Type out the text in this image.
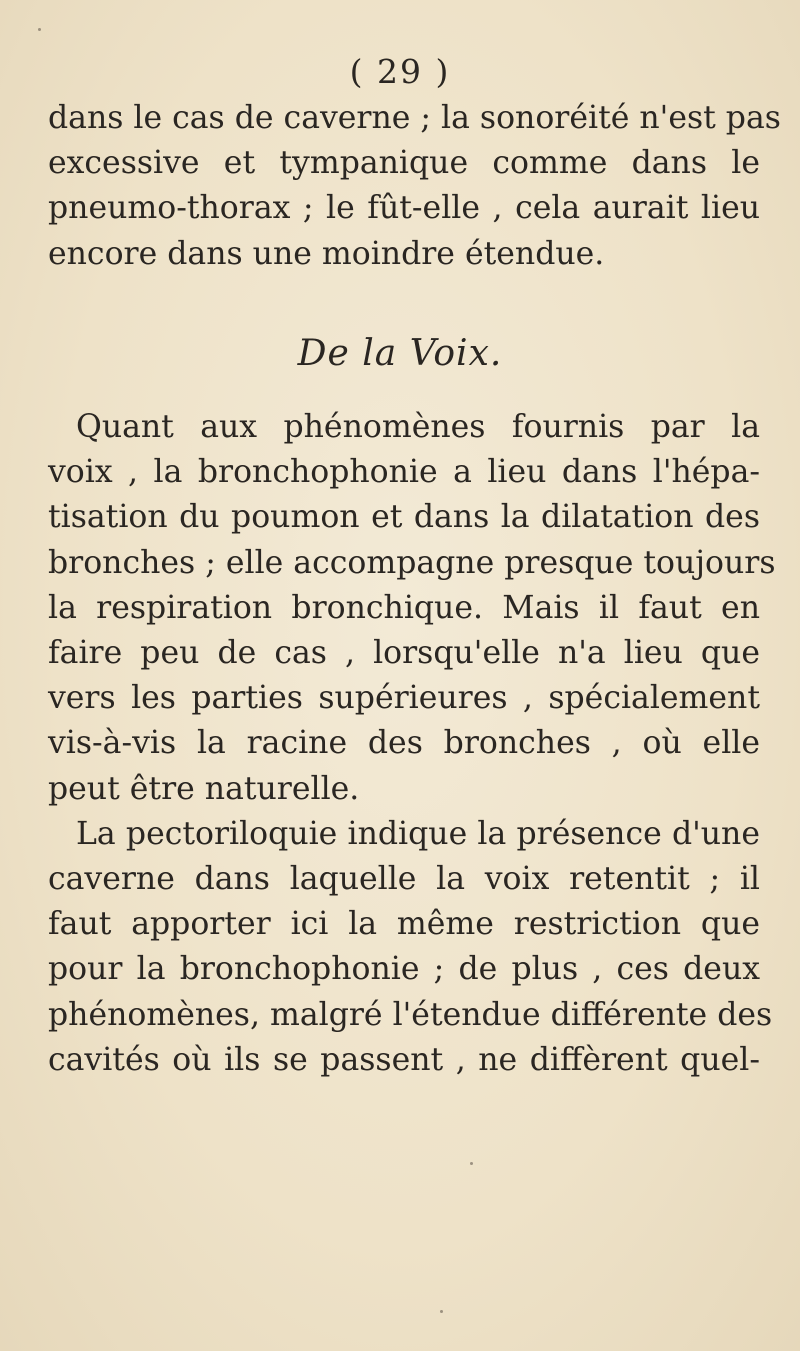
( 29 )
dans le cas de caverne ; la sonoréité n'est pas
excessive et tympanique comme dans le
pneumo-thorax ; le fût-elle , cela aurait lieu
encore dans une moindre étendue.
De la Voix.
Quant aux phénomènes fournis par la
voix , la bronchophonie a lieu dans l'hépa-
tisation du poumon et dans la dilatation des
bronches ; elle accompagne presque toujours
la respiration bronchique. Mais il faut en
faire peu de cas , lorsqu'elle n'a lieu que
vers les parties supérieures , spécialement
vis-à-vis la racine des bronches , où elle
peut être naturelle.
La pectoriloquie indique la présence d'une
caverne dans laquelle la voix retentit ; il
faut apporter ici la même restriction que
pour la bronchophonie ; de plus , ces deux
phénomènes, malgré l'étendue différente des
cavités où ils se passent , ne diffèrent quel-
